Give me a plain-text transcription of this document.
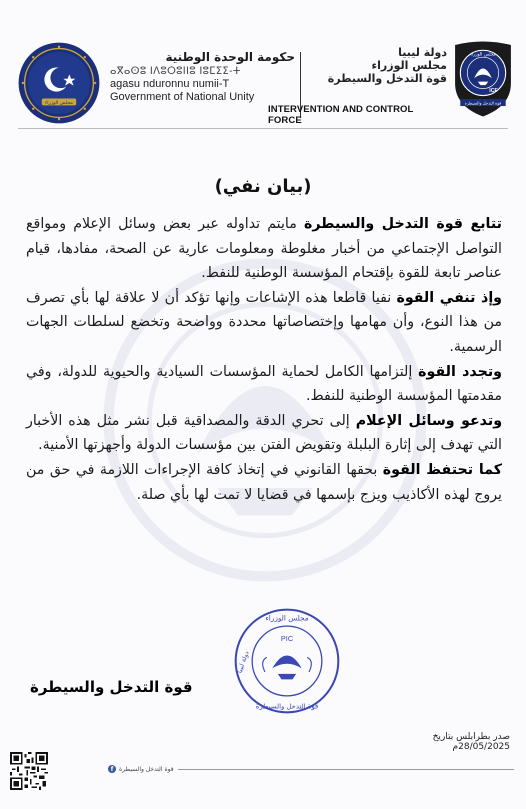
مجلس الوزراء
حكومة الوحدة الوطنية
ⴰⴳⴰⵙⵓ ⵏⴷⵓⵔⵓⵏⵏⵓ ⵏⵓⵎⵉⵉ-ⵜ
agasu ndurοnnu numii-T
Government of National Unity
دولة ليبيا
مجلس الوزراء
قوة التدخل والسيطرة
INTERVENTION AND CONTROL FORCE
مجلس الوزراء
ICF
قوة التدخل والسيطرة
(بيان نفي)

تتابع قوة التدخل والسيطرة مايتم تداوله عبر بعض وسائل الإعلام ومواقع التواصل الإجتماعي من أخبار مغلوطة ومعلومات عارية عن الصحة، مفادها، قيام عناصر تابعة للقوة بإقتحام المؤسسة الوطنية للنفط.

وإذ تنفي القوة نفيا قاطعا هذه الإشاعات وإنها تؤكد أن لا علاقة لها بأي تصرف من هذا النوع، وأن مهامها وإختصاصاتها محددة وواضحة وتخضع لسلطات الجهات الرسمية.

وتجدد القوة إلتزامها الكامل لحماية المؤسسات السيادية والحيوية للدولة، وفي مقدمتها المؤسسة الوطنية للنفط.

وتدعو وسائل الإعلام إلى تحري الدقة والمصداقية قبل نشر مثل هذه الأخبار التي تهدف إلى إثارة البلبلة وتقويض الفتن بين مؤسسات الدولة وأجهزتها الأمنية.

كما تحتفظ القوة بحقها القانوني في إتخاذ كافة الإجراءات اللازمة في حق من يروج لهذه الأكاذيب ويزج بإسمها في قضايا لا تمت لها بأي صلة.

مجلس الوزراء
دولة ليبيا
قوة التدخل والسيطرة
PIC
قوة التدخل والسيطرة
صدر بطرابلس بتاريخ 28/05/2025م
f قوة التدخل والسيطرة
